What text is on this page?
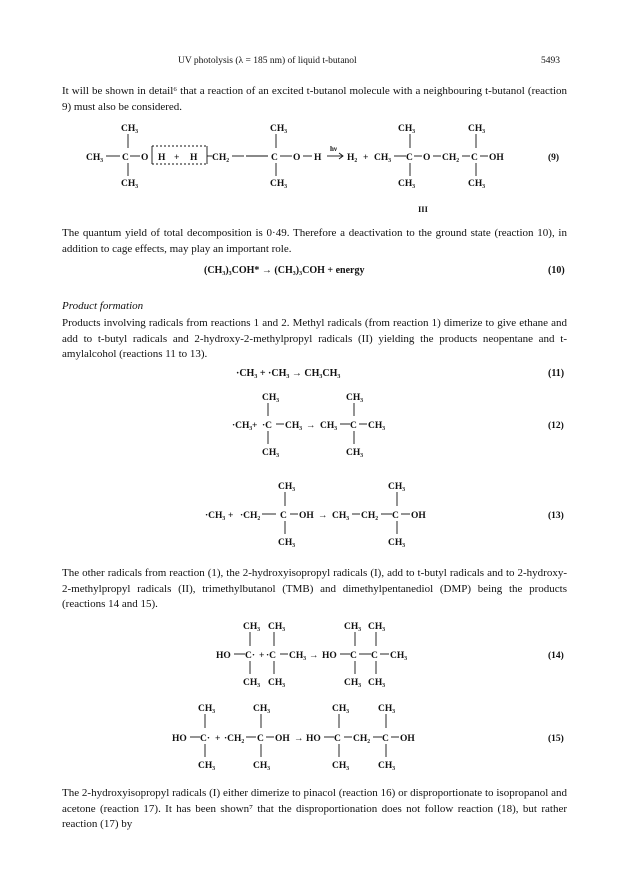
UV photolysis (λ = 185 nm) of liquid t-butanol	5493
It will be shown in detail⁶ that a reaction of an excited t-butanol molecule with a neighbouring t-butanol (reaction 9) must also be considered.
CH₃
CH₃ C O
CH₃
H + H CH₂
CH₃
C O H
CH₃
hν
H₂ + CH₃
CH₃
C O CH₂
CH₃
C OH
CH₃	CH₃
(9)
III
The quantum yield of total decomposition is 0·49. Therefore a deactivation to the ground state (reaction 10), in addition to cage effects, may play an important role.
(CH₃)₃COH* → (CH₃)₃COH + energy	(10)
Product formation
Products involving radicals from reactions 1 and 2. Methyl radicals (from reaction 1) dimerize to give ethane and add to t-butyl radicals and 2-hydroxy-2-methylpropyl radicals (II) yielding the products neopentane and t-amylalcohol (reactions 11 to 13).
·CH₃ + ·CH₃ → CH₃CH₃	(11)
CH₃
·CH₃ + ·C CH₃ →
CH₃
CH₃
CH₃
C CH₃
CH₃
(12)
CH₃
·CH₃ + ·CH₂ C OH
CH₃
→ CH₃ CH₂
CH₃
C OH
CH₃
(13)
CH₃ CH₃
HO C· + ·C CH₃
CH₃ CH₃
→ HO
CH₃ CH₃
C C CH₃
CH₃ CH₃
(14)
CH₃
HO C· + ·CH₂
CH₃
C OH
CH₃	CH₃
→ HO
CH₃
C CH₂
CH₃
C OH
CH₃	CH₃
(15)
The other radicals from reaction (1), the 2-hydroxyisopropyl radicals (I), add to t-butyl radicals and to 2-hydroxy-2-methylpropyl radicals (II), trimethylbutanol (TMB) and dimethylpentanediol (DMP) being the products (reactions 14 and 15).
The 2-hydroxyisopropyl radicals (I) either dimerize to pinacol (reaction 16) or disproportionate to isopropanol and acetone (reaction 17). It has been shown⁷ that the disproportionation does not follow reaction (18), but rather reaction (17) by
